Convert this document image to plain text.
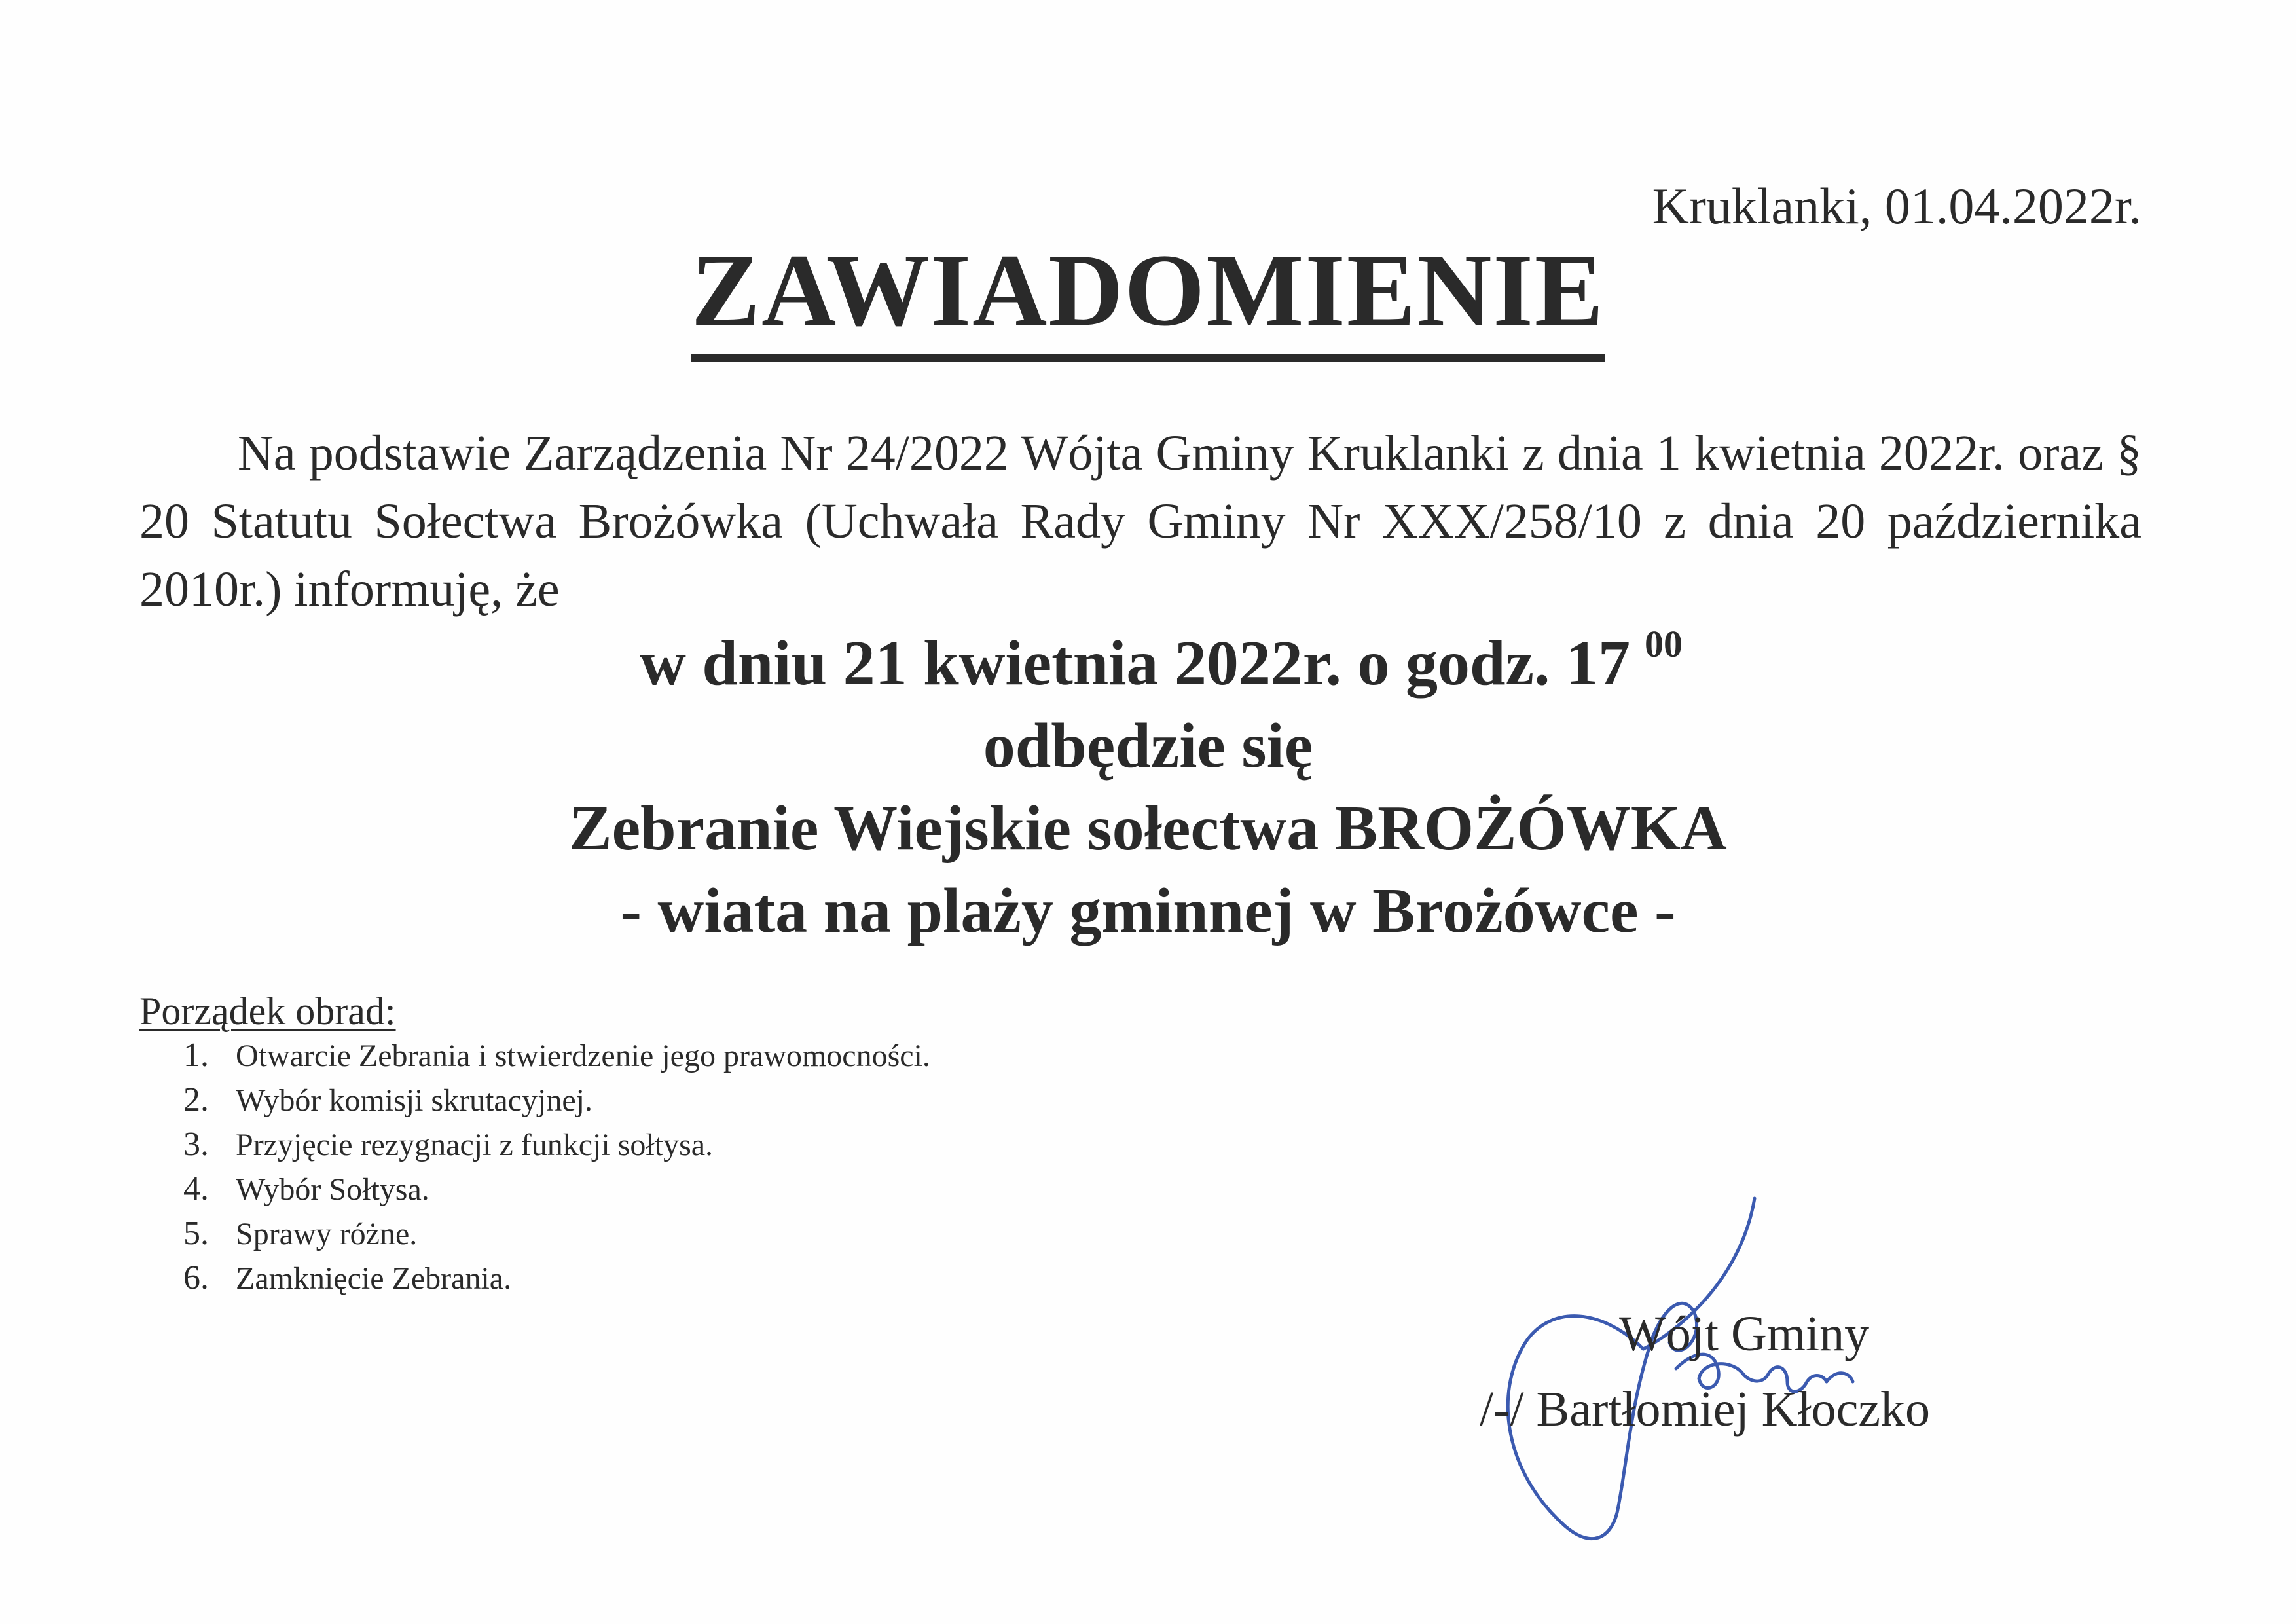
Kruklanki, 01.04.2022r.
ZAWIADOMIENIE
Na podstawie Zarządzenia Nr 24/2022 Wójta Gminy Kruklanki z dnia 1 kwietnia 2022r. oraz § 20 Statutu Sołectwa Brożówka (Uchwała Rady Gminy Nr XXX/258/10 z dnia 20 października 2010r.) informuję, że
w dniu 21 kwietnia 2022r. o godz. 17 $^{00}$
odbędzie się
Zebranie Wiejskie sołectwa BROŻÓWKA
- wiata na plaży gminnej w Brożówce -
Porządek obrad:
1. Otwarcie Zebrania i stwierdzenie jego prawomocności.
2. Wybór komisji skrutacyjnej.
3. Przyjęcie rezygnacji z funkcji sołtysa.
4. Wybór Sołtysa.
5. Sprawy różne.
6. Zamknięcie Zebrania.
Wójt Gminy
/-/ Bartłomiej Kłoczko
